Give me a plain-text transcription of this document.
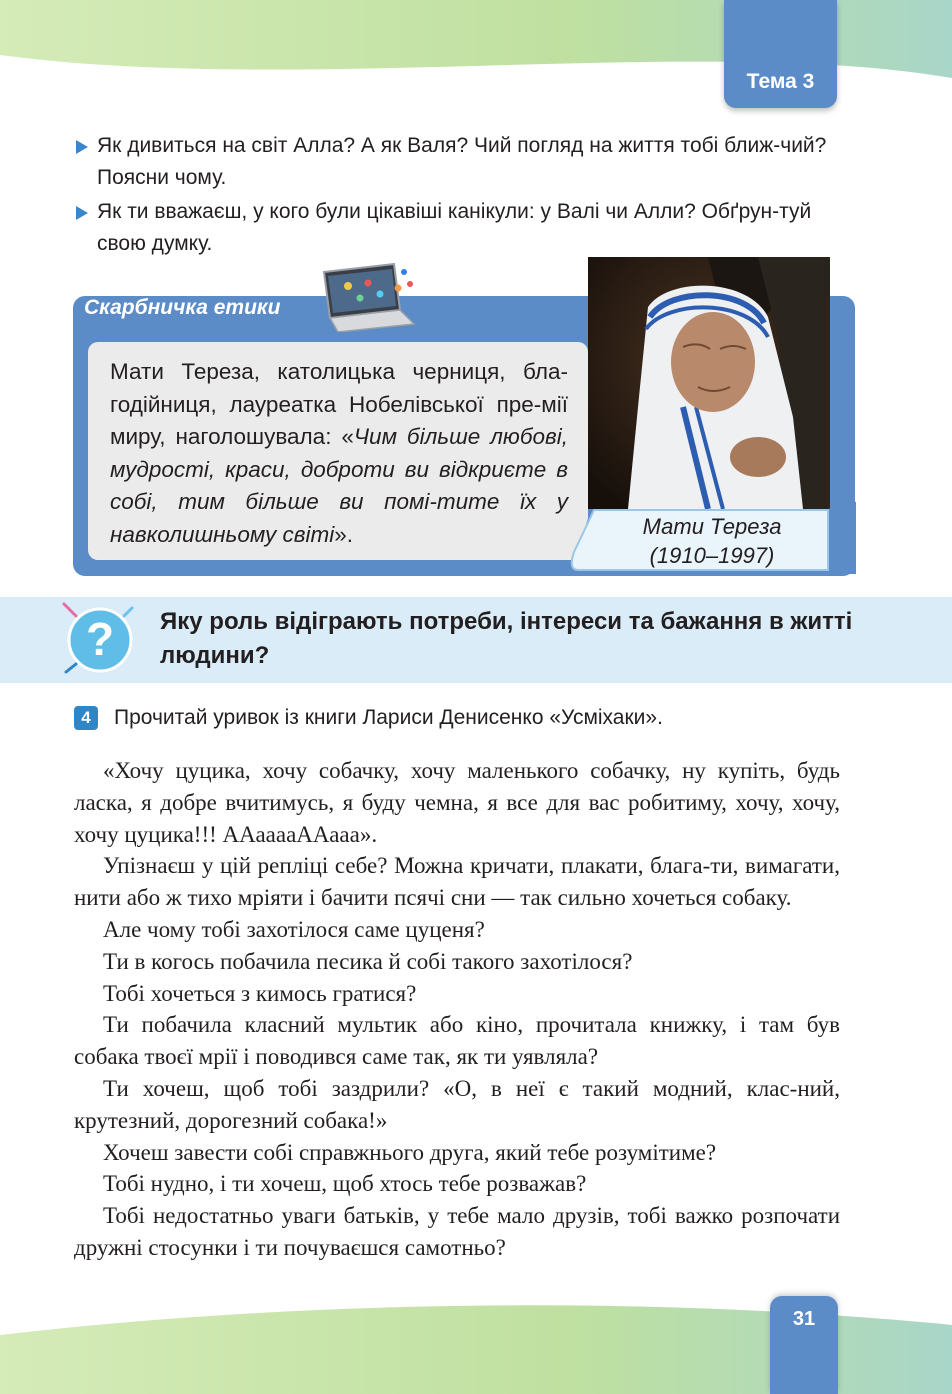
Тема 3
Як дивиться на світ Алла? А як Валя? Чий погляд на життя тобі ближ-чий? Поясни чому.
Як ти вважаєш, у кого були цікавіші канікули: у Валі чи Алли? Обґрун-туй свою думку.
Скарбничка етики
Мати Тереза, католицька черниця, бла-годійниця, лауреатка Нобелівської пре-мії миру, наголошувала: «Чим більше любові, мудрості, краси, доброти ви відкриєте в собі, тим більше ви помі-тите їх у навколишньому світі».	Мати Тереза
(1910–1997)
? Яку роль відіграють потреби, інтереси та бажання в житті людини?
4	Прочитай уривок із книги Лариси Денисенко «Усміхаки».

«Хочу цуцика, хочу собачку, хочу маленького собачку, ну купіть, будь ласка, я добре вчитимусь, я буду чемна, я все для вас робитиму, хочу, хочу, хочу цуцика!!! ААаааaААааа».

Упізнаєш у цій репліці себе? Можна кричати, плакати, блага-ти, вимагати, нити або ж тихо мріяти і бачити псячі сни — так сильно хочеться собаку.

Але чому тобі захотілося саме цуценя?

Ти в когось побачила песика й собі такого захотілося?

Тобі хочеться з кимось гратися?

Ти побачила класний мультик або кіно, прочитала книжку, і там був собака твоєї мрії і поводився саме так, як ти уявляла?

Ти хочеш, щоб тобі заздрили? «О, в неї є такий модний, клас-ний, крутезний, дорогезний собака!»

Хочеш завести собі справжнього друга, який тебе розумітиме?

Тобі нудно, і ти хочеш, щоб хтось тебе розважав?

Тобі недостатньо уваги батьків, у тебе мало друзів, тобі важко розпочати дружні стосунки і ти почуваєшся самотньо?

31
